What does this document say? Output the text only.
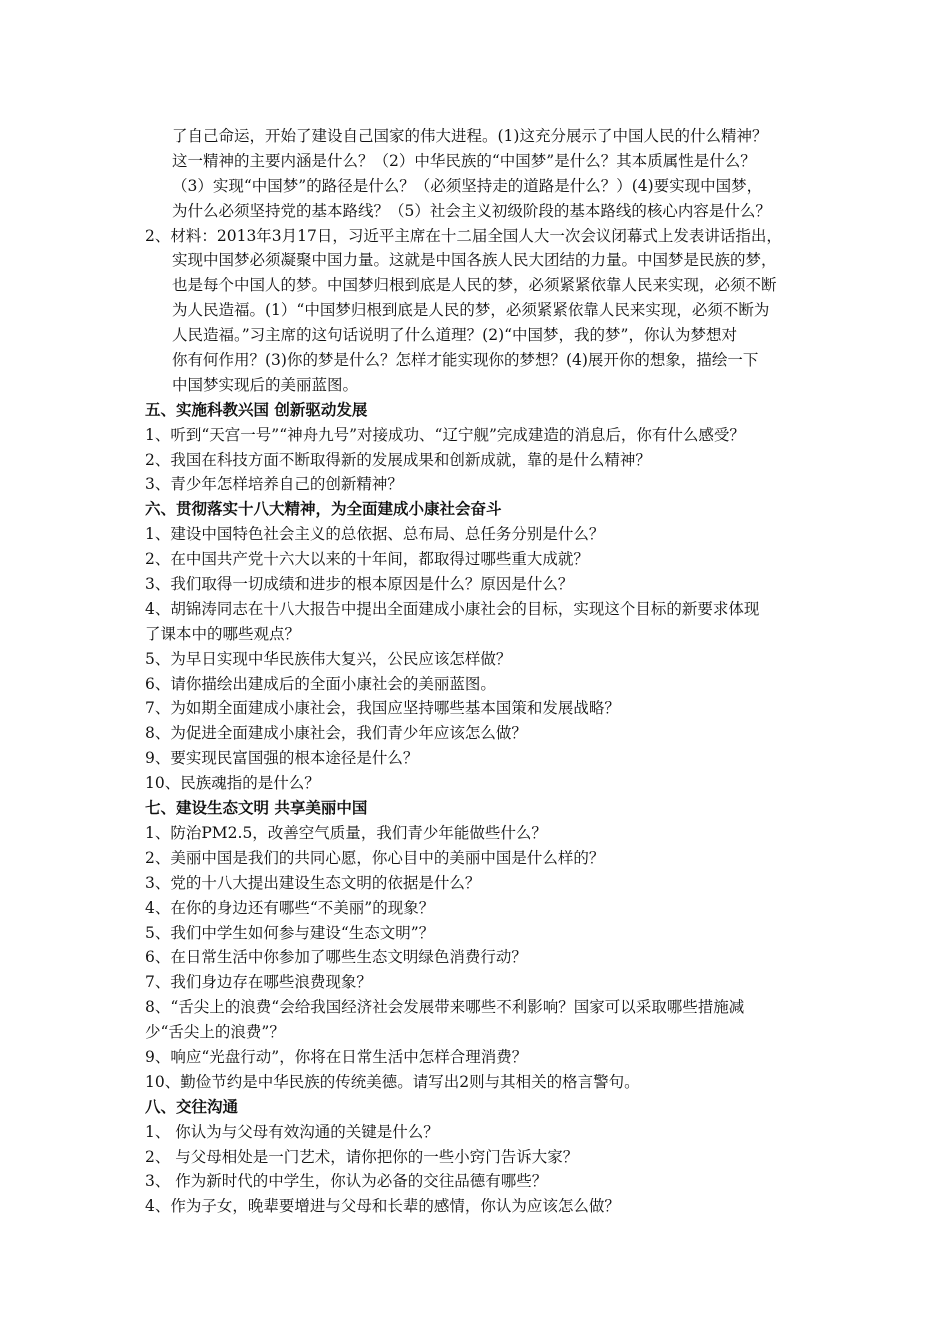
了自己命运，开始了建设自己国家的伟大进程。(1)这充分展示了中国人民的什么精神？
这一精神的主要内涵是什么？（2）中华民族的“中国梦”是什么？其本质属性是什么？
（3）实现“中国梦”的路径是什么？（必须坚持走的道路是什么？）(4)要实现中国梦，
为什么必须坚持党的基本路线？（5）社会主义初级阶段的基本路线的核心内容是什么？
2、材料：2013年3月17日，习近平主席在十二届全国人大一次会议闭幕式上发表讲话指出，
实现中国梦必须凝聚中国力量。这就是中国各族人民大团结的力量。中国梦是民族的梦，
也是每个中国人的梦。中国梦归根到底是人民的梦，必须紧紧依靠人民来实现，必须不断
为人民造福。(1）“中国梦归根到底是人民的梦，必须紧紧依靠人民来实现，必须不断为
人民造福。”习主席的这句话说明了什么道理？(2)“中国梦，我的梦”，你认为梦想对
你有何作用？(3)你的梦是什么？怎样才能实现你的梦想？(4)展开你的想象，描绘一下
中国梦实现后的美丽蓝图。
五、实施科教兴国 创新驱动发展
1、听到“天宫一号”“神舟九号”对接成功、“辽宁舰”完成建造的消息后，你有什么感受？
2、我国在科技方面不断取得新的发展成果和创新成就，靠的是什么精神？
3、青少年怎样培养自己的创新精神？
六、贯彻落实十八大精神，为全面建成小康社会奋斗
1、建设中国特色社会主义的总依据、总布局、总任务分别是什么？
2、在中国共产党十六大以来的十年间，都取得过哪些重大成就？
3、我们取得一切成绩和进步的根本原因是什么？原因是什么？
4、胡锦涛同志在十八大报告中提出全面建成小康社会的目标，实现这个目标的新要求体现
了课本中的哪些观点？
5、为早日实现中华民族伟大复兴，公民应该怎样做？
6、请你描绘出建成后的全面小康社会的美丽蓝图。
7、为如期全面建成小康社会，我国应坚持哪些基本国策和发展战略？
8、为促进全面建成小康社会，我们青少年应该怎么做？
9、要实现民富国强的根本途径是什么？
10、民族魂指的是什么？
七、建设生态文明 共享美丽中国
1、防治PM2.5，改善空气质量，我们青少年能做些什么？
2、美丽中国是我们的共同心愿，你心目中的美丽中国是什么样的？
3、党的十八大提出建设生态文明的依据是什么？
4、在你的身边还有哪些“不美丽”的现象？
5、我们中学生如何参与建设“生态文明”？
6、在日常生活中你参加了哪些生态文明绿色消费行动？
7、我们身边存在哪些浪费现象？
8、“舌尖上的浪费“会给我国经济社会发展带来哪些不利影响？国家可以采取哪些措施减
少“舌尖上的浪费”？
9、响应“光盘行动”，你将在日常生活中怎样合理消费？
10、勤俭节约是中华民族的传统美德。请写出2则与其相关的格言警句。
八、交往沟通
1、 你认为与父母有效沟通的关键是什么？
2、 与父母相处是一门艺术，请你把你的一些小窍门告诉大家？
3、 作为新时代的中学生，你认为必备的交往品德有哪些？
4、作为子女，晚辈要增进与父母和长辈的感情，你认为应该怎么做？
